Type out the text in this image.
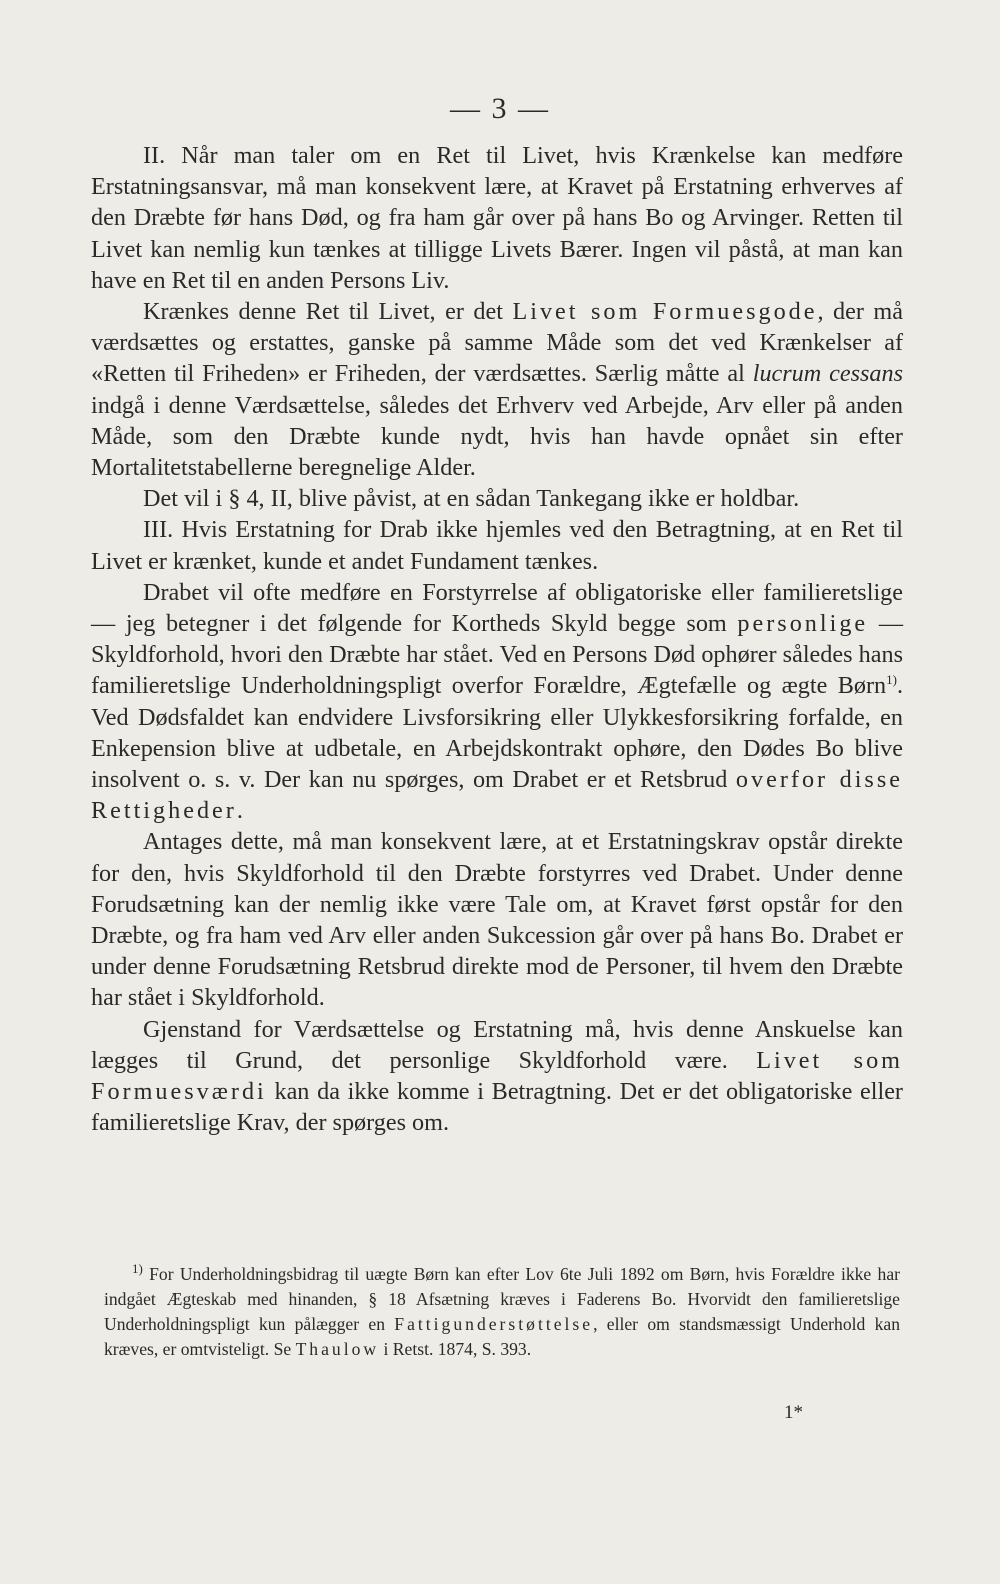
— 3 —

II. Når man taler om en Ret til Livet, hvis Krænkelse kan medføre Erstatningsansvar, må man konsekvent lære, at Kravet på Erstatning erhverves af den Dræbte før hans Død, og fra ham går over på hans Bo og Arvinger. Retten til Livet kan nemlig kun tænkes at tilligge Livets Bærer. Ingen vil påstå, at man kan have en Ret til en anden Persons Liv.

Krænkes denne Ret til Livet, er det Livet som Formuesgode, der må værdsættes og erstattes, ganske på samme Måde som det ved Krænkelser af «Retten til Friheden» er Friheden, der værdsættes. Særlig måtte al lucrum cessans indgå i denne Værdsættelse, således det Erhverv ved Arbejde, Arv eller på anden Måde, som den Dræbte kunde nydt, hvis han havde opnået sin efter Mortalitetstabellerne beregnelige Alder.

Det vil i § 4, II, blive påvist, at en sådan Tankegang ikke er holdbar.

III. Hvis Erstatning for Drab ikke hjemles ved den Betragtning, at en Ret til Livet er krænket, kunde et andet Fundament tænkes.

Drabet vil ofte medføre en Forstyrrelse af obligatoriske eller familieretslige — jeg betegner i det følgende for Kortheds Skyld begge som personlige — Skyldforhold, hvori den Dræbte har stået. Ved en Persons Død ophører således hans familieretslige Underholdningspligt overfor Forældre, Ægtefælle og ægte Børn$^{1)}$. Ved Dødsfaldet kan endvidere Livsforsikring eller Ulykkesforsikring forfalde, en Enkepension blive at udbetale, en Arbejdskontrakt ophøre, den Dødes Bo blive insolvent o. s. v. Der kan nu spørges, om Drabet er et Retsbrud overfor disse Rettigheder.

Antages dette, må man konsekvent lære, at et Erstatningskrav opstår direkte for den, hvis Skyldforhold til den Dræbte forstyrres ved Drabet. Under denne Forudsætning kan der nemlig ikke være Tale om, at Kravet først opstår for den Dræbte, og fra ham ved Arv eller anden Sukcession går over på hans Bo. Drabet er under denne Forudsætning Retsbrud direkte mod de Personer, til hvem den Dræbte har stået i Skyldforhold.

Gjenstand for Værdsættelse og Erstatning må, hvis denne Anskuelse kan lægges til Grund, det personlige Skyldforhold være. Livet som Formuesværdi kan da ikke komme i Betragtning. Det er det obligatoriske eller familieretslige Krav, der spørges om.

$^{1)}$ For Underholdningsbidrag til uægte Børn kan efter Lov 6te Juli 1892 om Børn, hvis Forældre ikke har indgået Ægteskab med hinanden, § 18 Afsætning kræves i Faderens Bo. Hvorvidt den familieretslige Underholdningspligt kun pålægger en Fattigunderstøttelse, eller om standsmæssigt Underhold kan kræves, er omtvisteligt. Se Thaulow i Retst. 1874, S. 393.

1*
